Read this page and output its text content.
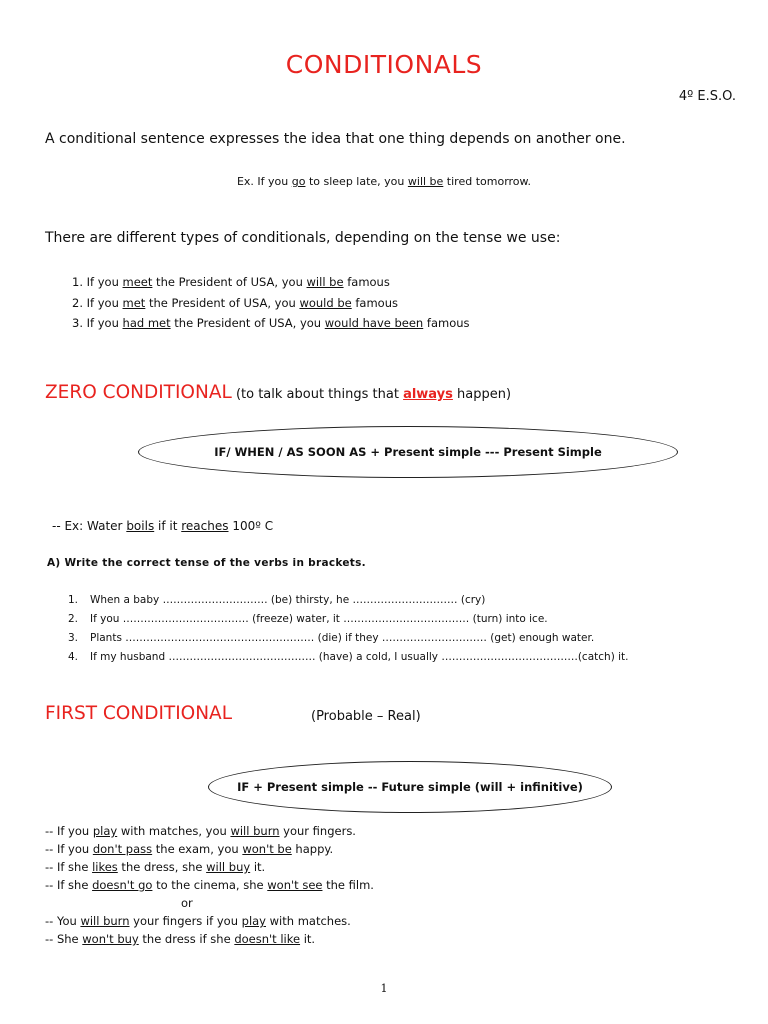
CONDITIONALS
4º E.S.O.
A conditional sentence expresses the idea that one thing depends on another one.
Ex. If you go to sleep late, you will be tired tomorrow.
There are different types of conditionals, depending on the tense we use:
1. If you meet the President of USA, you will be famous
2. If you met the President of USA, you would be famous
3. If you had met the President of USA, you would have been famous
ZERO CONDITIONAL (to talk about things that always happen)
IF/ WHEN / AS SOON AS + Present simple --- Present Simple
-- Ex: Water boils if it reaches 100º C
A) Write the correct tense of the verbs in brackets.
1. When a baby ………………………… (be) thirsty, he ………………………… (cry)
2. If you ……………………………… (freeze) water, it ……………………………… (turn) into ice.
3. Plants ……………………………………………… (die) if they ………………………… (get) enough water.
4. If my husband …………………………………… (have) a cold, I usually …………………………………(catch) it.
FIRST CONDITIONAL	(Probable – Real)
IF + Present simple -- Future simple (will + infinitive)
-- If you play with matches, you will burn your fingers.
-- If you don't pass the exam, you won't be happy.
-- If she likes the dress, she will buy it.
-- If she doesn't go to the cinema, she won't see the film.
or
-- You will burn your fingers if you play with matches.
-- She won't buy the dress if she doesn't like it.
1
